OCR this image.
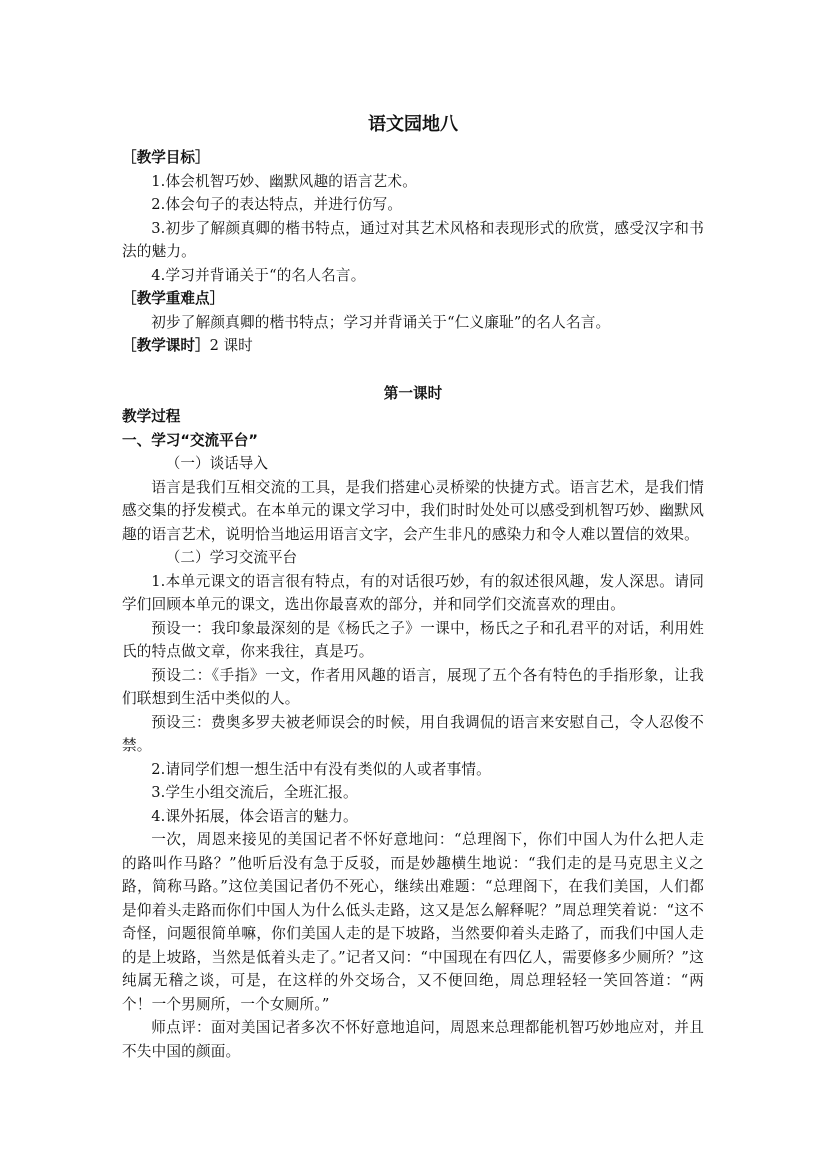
语文园地八
［教学目标］

1.体会机智巧妙、幽默风趣的语言艺术。

2.体会句子的表达特点，并进行仿写。

3.初步了解颜真卿的楷书特点，通过对其艺术风格和表现形式的欣赏，感受汉字和书法的魅力。

4.学习并背诵关于“的名人名言。

［教学重难点］

初步了解颜真卿的楷书特点；学习并背诵关于“仁义廉耻”的名人名言。

［教学课时］2 课时
第一课时
教学过程
一、学习“交流平台”

（一）谈话导入

语言是我们互相交流的工具，是我们搭建心灵桥梁的快捷方式。语言艺术，是我们情感交集的抒发模式。在本单元的课文学习中，我们时时处处可以感受到机智巧妙、幽默风趣的语言艺术，说明恰当地运用语言文字，会产生非凡的感染力和令人难以置信的效果。

（二）学习交流平台

1.本单元课文的语言很有特点，有的对话很巧妙，有的叙述很风趣，发人深思。请同学们回顾本单元的课文，选出你最喜欢的部分，并和同学们交流喜欢的理由。

预设一：我印象最深刻的是《杨氏之子》一课中，杨氏之子和孔君平的对话，利用姓氏的特点做文章，你来我往，真是巧。

预设二：《手指》一文，作者用风趣的语言，展现了五个各有特色的手指形象，让我们联想到生活中类似的人。

预设三：费奥多罗夫被老师误会的时候，用自我调侃的语言来安慰自己，令人忍俊不禁。

2.请同学们想一想生活中有没有类似的人或者事情。

3.学生小组交流后，全班汇报。

4.课外拓展，体会语言的魅力。

一次，周恩来接见的美国记者不怀好意地问：“总理阁下，你们中国人为什么把人走的路叫作马路？”他听后没有急于反驳，而是妙趣横生地说：“我们走的是马克思主义之路，简称马路。”这位美国记者仍不死心，继续出难题：“总理阁下，在我们美国，人们都是仰着头走路而你们中国人为什么低头走路，这又是怎么解释呢？”周总理笑着说：“这不奇怪，问题很简单嘛，你们美国人走的是下坡路，当然要仰着头走路了，而我们中国人走的是上坡路，当然是低着头走了。”记者又问：“中国现在有四亿人，需要修多少厕所？”这纯属无稽之谈，可是，在这样的外交场合，又不便回绝，周总理轻轻一笑回答道：“两个！一个男厕所，一个女厕所。”

师点评：面对美国记者多次不怀好意地追问，周恩来总理都能机智巧妙地应对，并且不失中国的颜面。
